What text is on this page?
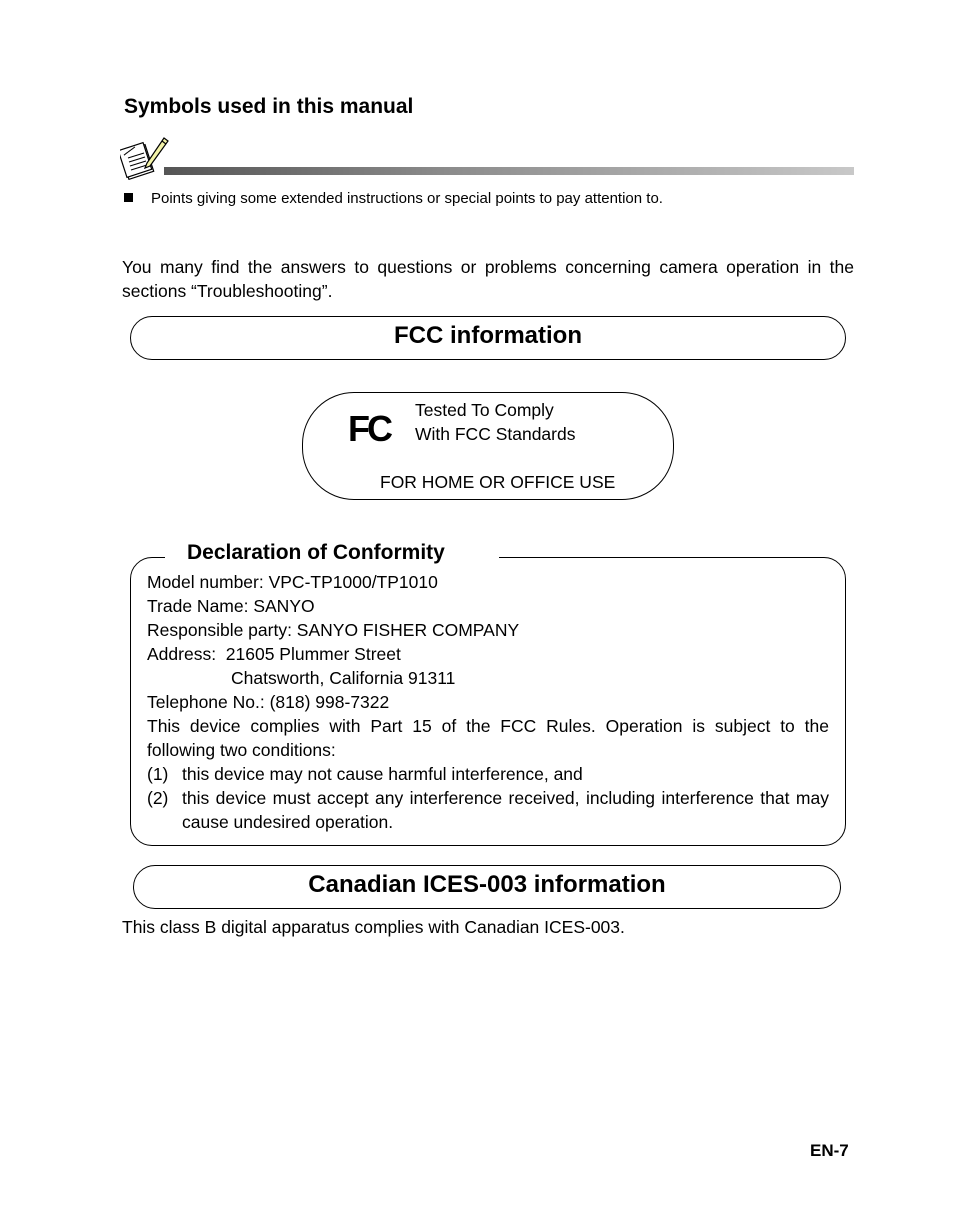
Symbols used in this manual
Points giving some extended instructions or special points to pay attention to.
You many find the answers to questions or problems concerning camera operation in the sections “Troubleshooting”.
FCC information
FC Tested To Comply
With FCC Standards
FOR HOME OR OFFICE USE
Declaration of Conformity
Model number: VPC-TP1000/TP1010
Trade Name: SANYO
Responsible party: SANYO FISHER COMPANY
Address:  21605 Plummer Street
Chatsworth, California 91311
Telephone No.: (818) 998-7322
This device complies with Part 15 of the FCC Rules. Operation is subject to the following two conditions:
(1) this device may not cause harmful interference, and
(2) this device must accept any interference received, including interference that may cause undesired operation.
Canadian ICES-003 information
This class B digital apparatus complies with Canadian ICES-003.
EN-7
